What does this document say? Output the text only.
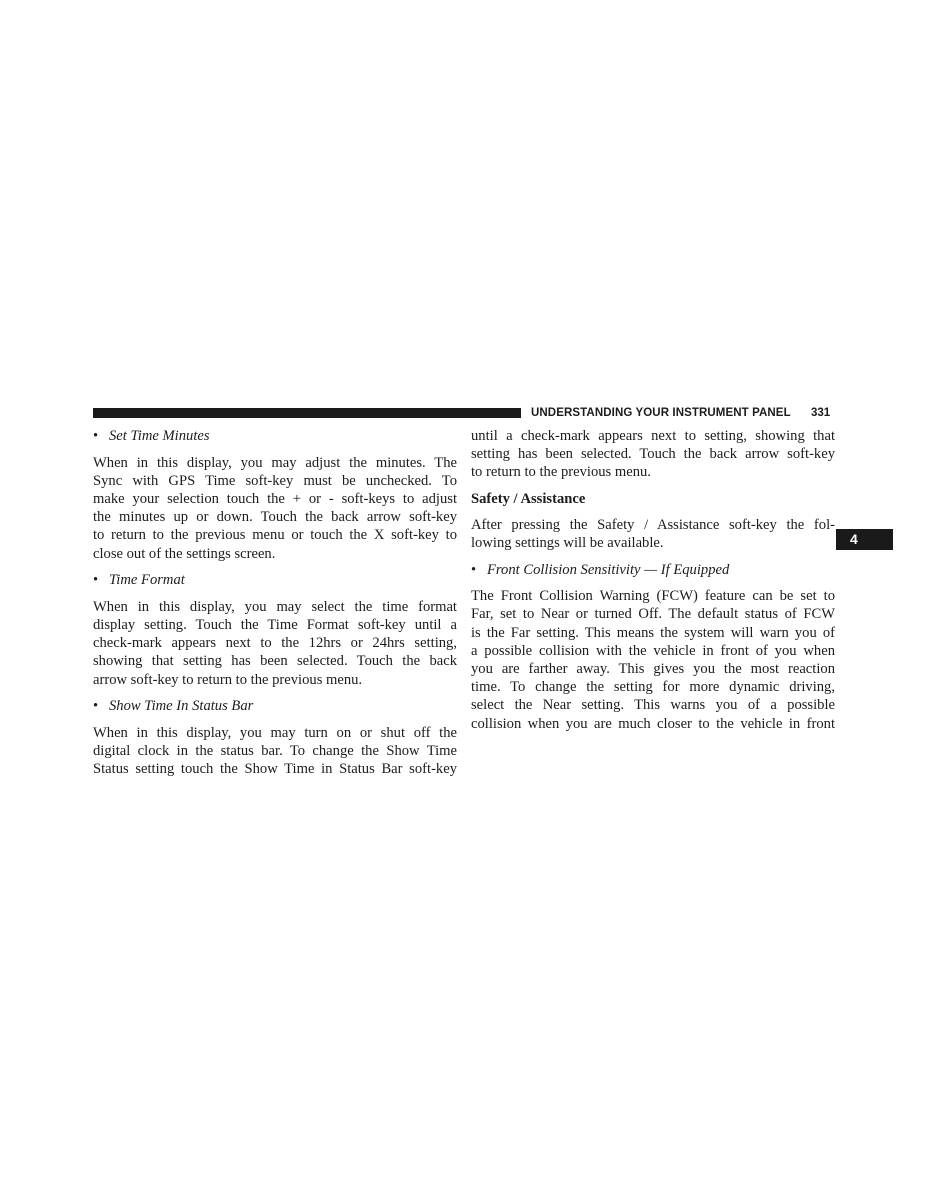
UNDERSTANDING YOUR INSTRUMENT PANEL 331
4
• Set Time Minutes
When in this display, you may adjust the minutes. The
Sync with GPS Time soft-key must be unchecked. To
make your selection touch the + or - soft-keys to adjust
the minutes up or down. Touch the back arrow soft-key
to return to the previous menu or touch the X soft-key to
close out of the settings screen.
• Time Format
When in this display, you may select the time format
display setting. Touch the Time Format soft-key until a
check-mark appears next to the 12hrs or 24hrs setting,
showing that setting has been selected. Touch the back
arrow soft-key to return to the previous menu.
• Show Time In Status Bar
When in this display, you may turn on or shut off the
digital clock in the status bar. To change the Show Time
Status setting touch the Show Time in Status Bar soft-key
until a check-mark appears next to setting, showing that
setting has been selected. Touch the back arrow soft-key
to return to the previous menu.
Safety / Assistance
After pressing the Safety / Assistance soft-key the fol-
lowing settings will be available.
• Front Collision Sensitivity — If Equipped
The Front Collision Warning (FCW) feature can be set to
Far, set to Near or turned Off. The default status of FCW
is the Far setting. This means the system will warn you of
a possible collision with the vehicle in front of you when
you are farther away. This gives you the most reaction
time. To change the setting for more dynamic driving,
select the Near setting. This warns you of a possible
collision when you are much closer to the vehicle in front
